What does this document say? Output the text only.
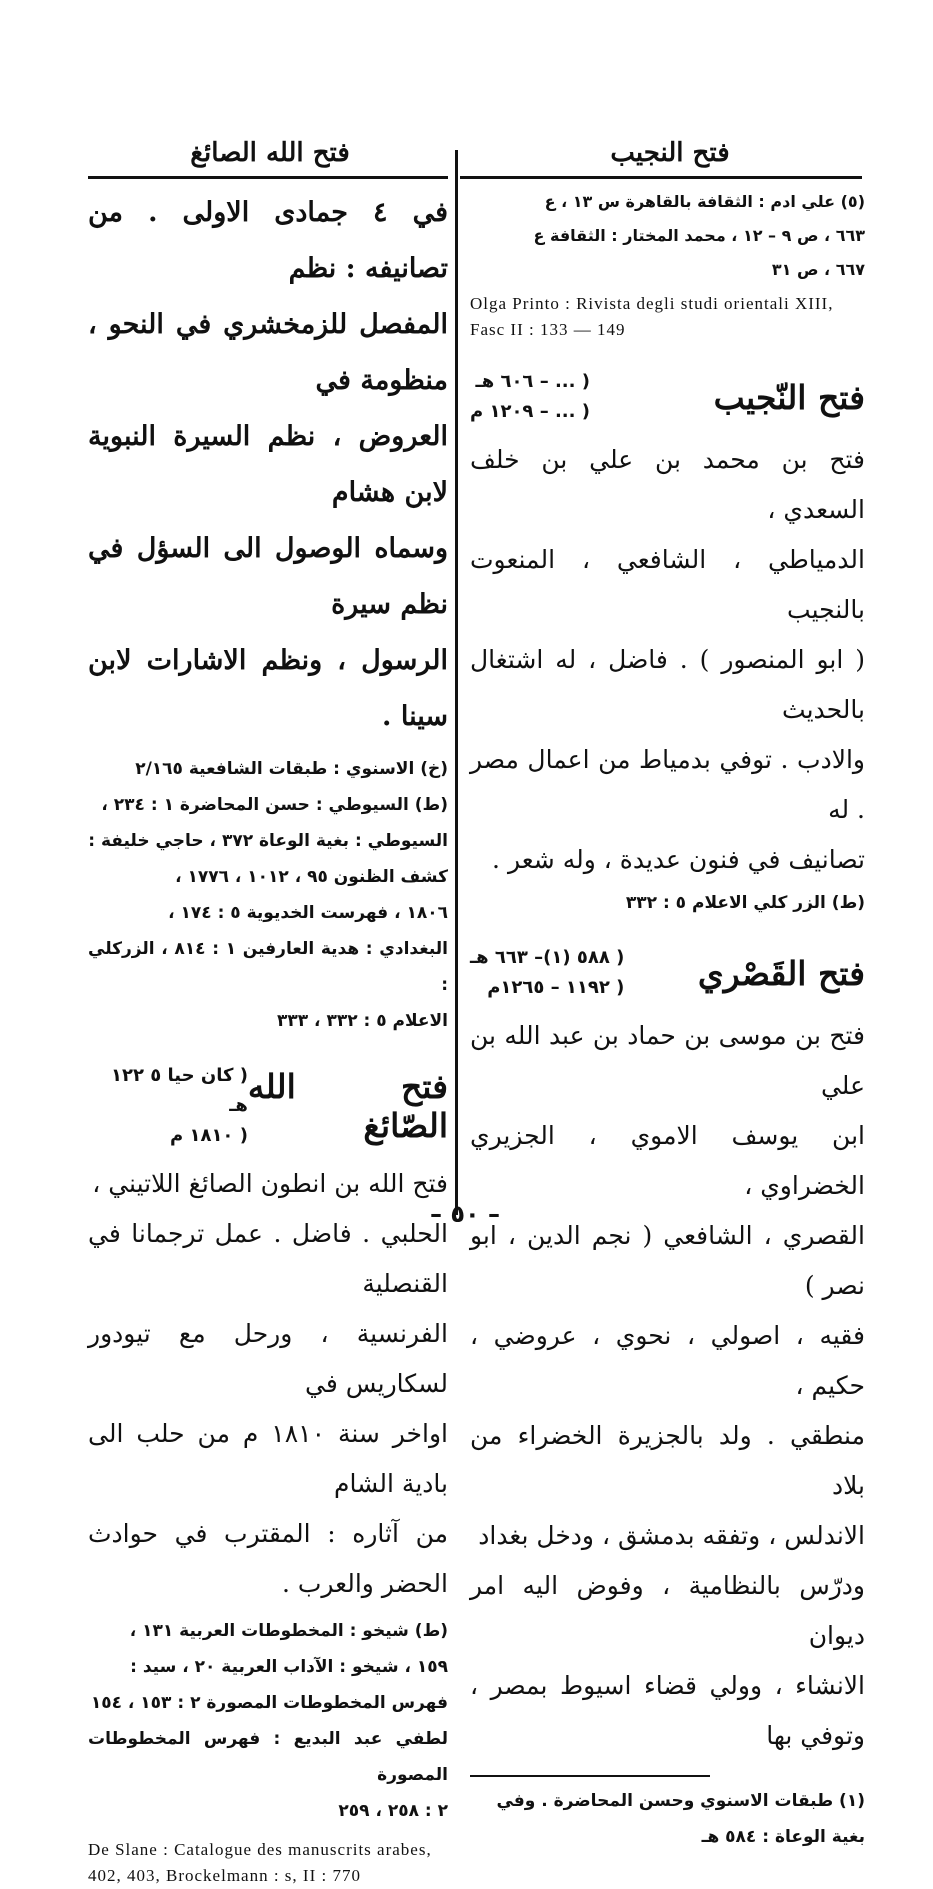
فتح النجيب
فتح الله الصائغ
(٥) علي ادم : الثقافة بالقاهرة س ١٣ ، ع
٦٦٣ ، ص ٩ – ١٢ ، محمد المختار : الثقافة ع
٦٦٧ ، ص ٣١
Olga Printo : Rivista degli studi orientali XIII, Fasc II : 133 — 149
فتح النّجيب
( ... – ٦٠٦ هـ
( ... – ١٢٠٩ م
فتح بن محمد بن علي بن خلف السعدي ،
الدمياطي ، الشافعي ، المنعوت بالنجيب
( ابو المنصور ) . فاضل ، له اشتغال بالحديث
والادب . توفي بدمياط من اعمال مصر . له
تصانيف في فنون عديدة ، وله شعر .
(ط) الزر كلي الاعلام ٥ : ٣٣٢
فتح القَصْري
( ٥٨٨ (١)– ٦٦٣ هـ
( ١١٩٢ – ١٢٦٥م
فتح بن موسى بن حماد بن عبد الله بن علي
ابن يوسف الاموي ، الجزيري الخضراوي ،
القصري ، الشافعي ( نجم الدين ، ابو نصر )
فقيه ، اصولي ، نحوي ، عروضي ، حكيم ،
منطقي . ولد بالجزيرة الخضراء من بلاد
الاندلس ، وتفقه بدمشق ، ودخل بغداد
ودرّس بالنظامية ، وفوض اليه امر ديوان
الانشاء ، وولي قضاء اسيوط بمصر ، وتوفي بها
(١) طبقات الاسنوي وحسن المحاضرة . وفي
بغية الوعاة : ٥٨٤ هـ
في ٤ جمادى الاولى . من تصانيفه : نظم
المفصل للزمخشري في النحو ، منظومة في
العروض ، نظم السيرة النبوية لابن هشام
وسماه الوصول الى السؤل في نظم سيرة
الرسول ، ونظم الاشارات لابن سينا .
(خ) الاسنوي : طبقات الشافعية ٢/١٦٥
(ط) السيوطي : حسن المحاضرة ١ : ٢٣٤ ،
السيوطي : بغية الوعاة ٣٧٢ ، حاجي خليفة :
كشف الظنون ٩٥ ، ١٠١٢ ، ١٧٧٦ ،
١٨٠٦ ، فهرست الخديوية ٥ : ١٧٤ ،
البغدادي : هدية العارفين ١ : ٨١٤ ، الزركلي :
الاعلام ٥ : ٣٣٢ ، ٣٣٣
فتح الله الصّائغ
( كان حيا ٥ ١٢٢ هـ
( ١٨١٠ م
فتح الله بن انطون الصائغ اللاتيني ،
الحلبي . فاضل . عمل ترجمانا في القنصلية
الفرنسية ، ورحل مع تيودور لسكاريس في
اواخر سنة ١٨١٠ م من حلب الى بادية الشام
من آثاره : المقترب في حوادث الحضر والعرب .
(ط) شيخو : المخطوطات العربية ١٣١ ،
١٥٩ ، شيخو : الآداب العربية ٢٠ ، سيد :
فهرس المخطوطات المصورة ٢ : ١٥٣ ، ١٥٤
لطفي عبد البديع : فهرس المخطوطات المصورة
٢ : ٢٥٨ ، ٢٥٩
De Slane : Catalogue des manuscrits arabes, 402, 403, Brockelmann : s, II : 770
– ٥٠ –
